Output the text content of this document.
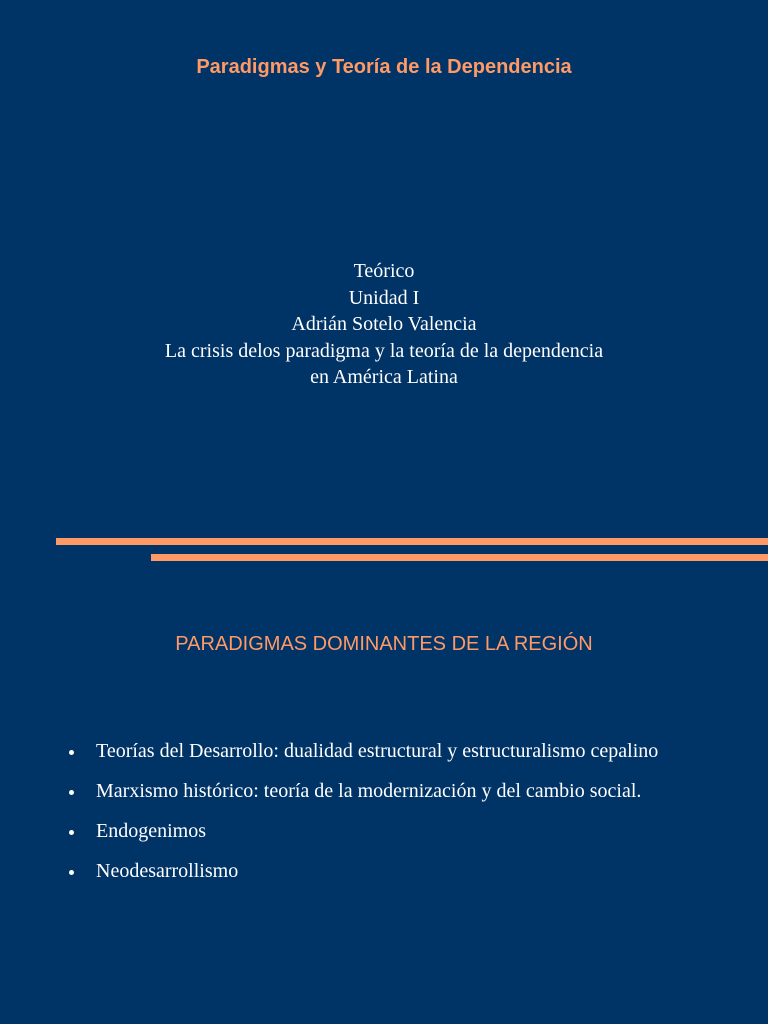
Paradigmas y Teoría de la Dependencia
Teórico
Unidad I
Adrián Sotelo Valencia
La crisis delos paradigma y la teoría de la dependencia
en América Latina
PARADIGMAS DOMINANTES DE LA REGIÓN
Teorías del Desarrollo: dualidad estructural y estructuralismo cepalino
Marxismo histórico: teoría de la modernización y del cambio social.
Endogenimos
Neodesarrollismo
